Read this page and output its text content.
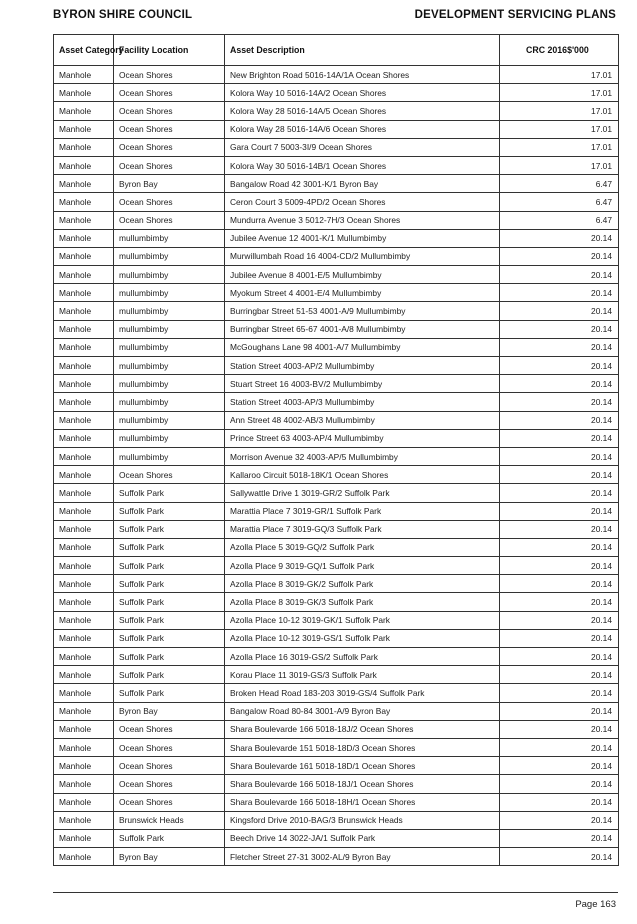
BYRON SHIRE COUNCIL	DEVELOPMENT SERVICING PLANS
Asset Category	Facility Location	Asset Description	CRC 2016$'000
Manhole	Ocean Shores	New Brighton Road 5016-14A/1A Ocean Shores	17.01
Manhole	Ocean Shores	Kolora Way 10 5016-14A/2 Ocean Shores	17.01
Manhole	Ocean Shores	Kolora Way 28 5016-14A/5 Ocean Shores	17.01
Manhole	Ocean Shores	Kolora Way 28 5016-14A/6 Ocean Shores	17.01
Manhole	Ocean Shores	Gara Court 7 5003-3I/9 Ocean Shores	17.01
Manhole	Ocean Shores	Kolora Way 30 5016-14B/1 Ocean Shores	17.01
Manhole	Byron Bay	Bangalow Road 42 3001-K/1 Byron Bay	6.47
Manhole	Ocean Shores	Ceron Court 3 5009-4PD/2 Ocean Shores	6.47
Manhole	Ocean Shores	Mundurra Avenue 3 5012-7H/3 Ocean Shores	6.47
Manhole	mullumbimby	Jubilee Avenue 12 4001-K/1 Mullumbimby	20.14
Manhole	mullumbimby	Murwillumbah Road 16 4004-CD/2 Mullumbimby	20.14
Manhole	mullumbimby	Jubilee Avenue 8 4001-E/5 Mullumbimby	20.14
Manhole	mullumbimby	Myokum Street 4 4001-E/4 Mullumbimby	20.14
Manhole	mullumbimby	Burringbar Street 51-53 4001-A/9 Mullumbimby	20.14
Manhole	mullumbimby	Burringbar Street 65-67 4001-A/8 Mullumbimby	20.14
Manhole	mullumbimby	McGoughans Lane 98 4001-A/7 Mullumbimby	20.14
Manhole	mullumbimby	Station Street 4003-AP/2 Mullumbimby	20.14
Manhole	mullumbimby	Stuart Street 16 4003-BV/2 Mullumbimby	20.14
Manhole	mullumbimby	Station Street 4003-AP/3 Mullumbimby	20.14
Manhole	mullumbimby	Ann Street 48 4002-AB/3 Mullumbimby	20.14
Manhole	mullumbimby	Prince Street 63 4003-AP/4 Mullumbimby	20.14
Manhole	mullumbimby	Morrison Avenue 32 4003-AP/5 Mullumbimby	20.14
Manhole	Ocean Shores	Kallaroo Circuit 5018-18K/1 Ocean Shores	20.14
Manhole	Suffolk Park	Sallywattle Drive 1 3019-GR/2 Suffolk Park	20.14
Manhole	Suffolk Park	Marattia Place 7 3019-GR/1 Suffolk Park	20.14
Manhole	Suffolk Park	Marattia Place 7 3019-GQ/3 Suffolk Park	20.14
Manhole	Suffolk Park	Azolla Place 5 3019-GQ/2 Suffolk Park	20.14
Manhole	Suffolk Park	Azolla Place 9 3019-GQ/1 Suffolk Park	20.14
Manhole	Suffolk Park	Azolla Place 8 3019-GK/2 Suffolk Park	20.14
Manhole	Suffolk Park	Azolla Place 8 3019-GK/3 Suffolk Park	20.14
Manhole	Suffolk Park	Azolla Place 10-12 3019-GK/1 Suffolk Park	20.14
Manhole	Suffolk Park	Azolla Place 10-12 3019-GS/1 Suffolk Park	20.14
Manhole	Suffolk Park	Azolla Place 16 3019-GS/2 Suffolk Park	20.14
Manhole	Suffolk Park	Korau Place 11 3019-GS/3 Suffolk Park	20.14
Manhole	Suffolk Park	Broken Head Road 183-203 3019-GS/4 Suffolk Park	20.14
Manhole	Byron Bay	Bangalow Road 80-84 3001-A/9 Byron Bay	20.14
Manhole	Ocean Shores	Shara Boulevarde 166 5018-18J/2 Ocean Shores	20.14
Manhole	Ocean Shores	Shara Boulevarde 151 5018-18D/3 Ocean Shores	20.14
Manhole	Ocean Shores	Shara Boulevarde 161 5018-18D/1 Ocean Shores	20.14
Manhole	Ocean Shores	Shara Boulevarde 166 5018-18J/1 Ocean Shores	20.14
Manhole	Ocean Shores	Shara Boulevarde 166 5018-18H/1 Ocean Shores	20.14
Manhole	Brunswick Heads	Kingsford Drive 2010-BAG/3 Brunswick Heads	20.14
Manhole	Suffolk Park	Beech Drive 14 3022-JA/1 Suffolk Park	20.14
Manhole	Byron Bay	Fletcher Street 27-31 3002-AL/9 Byron Bay	20.14
Page 163
